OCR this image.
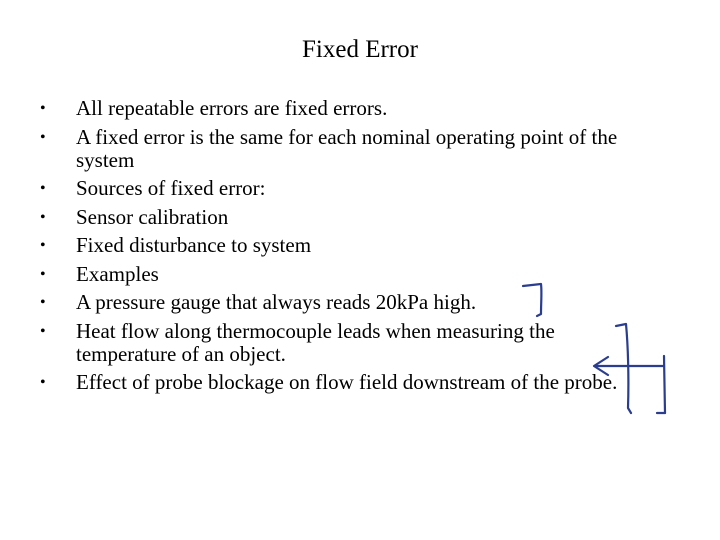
Fixed Error
• All repeatable errors are fixed errors.
• A fixed error is the same for each nominal operating point of the system
• Sources of fixed error:
• Sensor calibration
• Fixed disturbance to system
• Examples
• A pressure gauge that always reads 20kPa high.
• Heat flow along thermocouple leads when measuring the temperature of an object.
• Effect of probe blockage on flow field downstream of the probe.
